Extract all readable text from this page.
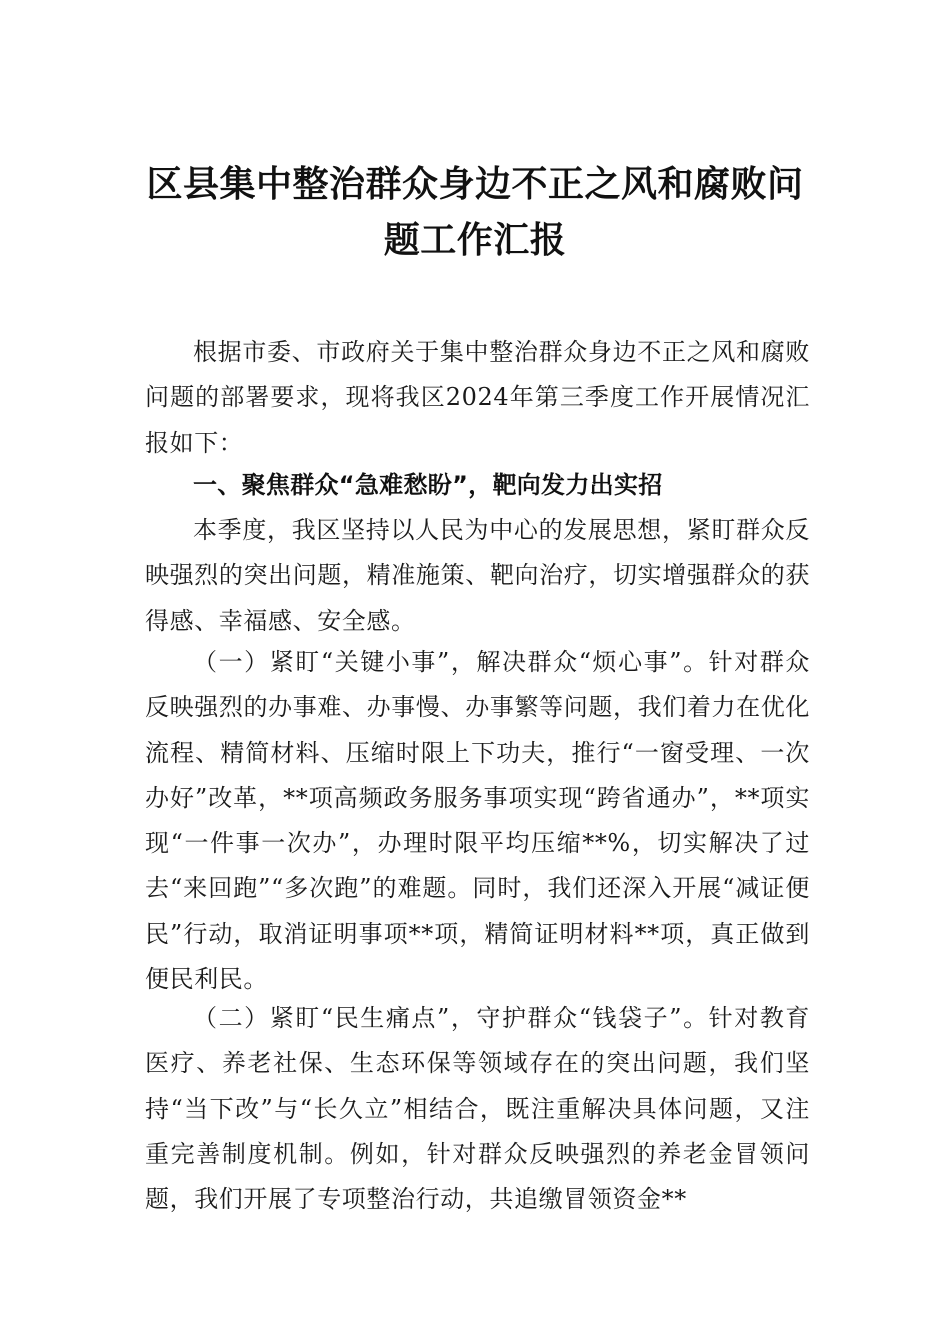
区县集中整治群众身边不正之风和腐败问
题工作汇报

根据市委、市政府关于集中整治群众身边不正之风和腐败问题的部署要求，现将我区2024年第三季度工作开展情况汇报如下：

一、聚焦群众“急难愁盼”，靶向发力出实招

本季度，我区坚持以人民为中心的发展思想，紧盯群众反映强烈的突出问题，精准施策、靶向治疗，切实增强群众的获得感、幸福感、安全感。

（一）紧盯“关键小事”，解决群众“烦心事”。针对群众反映强烈的办事难、办事慢、办事繁等问题，我们着力在优化流程、精简材料、压缩时限上下功夫，推行“一窗受理、一次办好”改革，**项高频政务服务事项实现“跨省通办”，**项实现“一件事一次办”，办理时限平均压缩**%，切实解决了过去“来回跑”“多次跑”的难题。同时，我们还深入开展“减证便民”行动，取消证明事项**项，精简证明材料**项，真正做到便民利民。

（二）紧盯“民生痛点”，守护群众“钱袋子”。针对教育医疗、养老社保、生态环保等领域存在的突出问题，我们坚持“当下改”与“长久立”相结合，既注重解决具体问题，又注重完善制度机制。例如，针对群众反映强烈的养老金冒领问题，我们开展了专项整治行动，共追缴冒领资金**
